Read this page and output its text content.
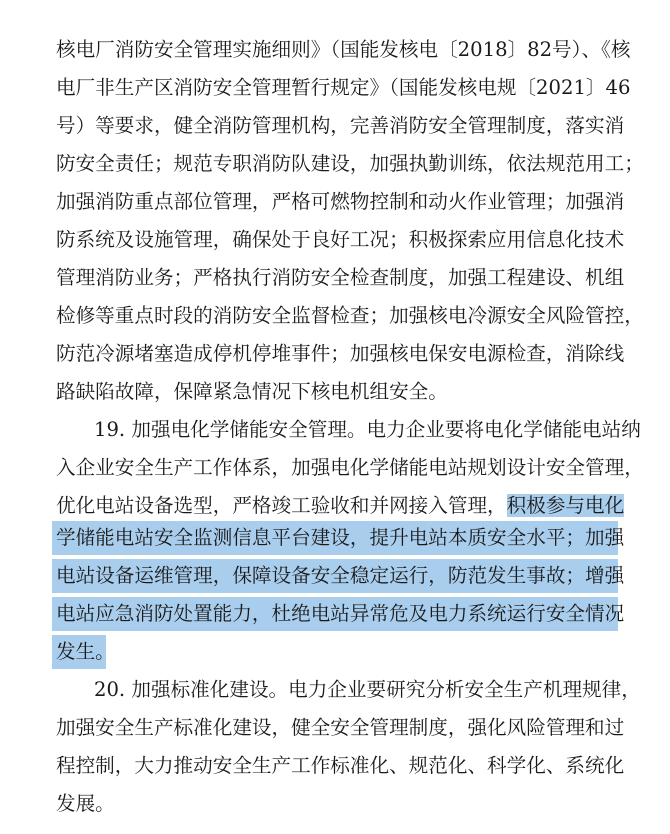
核电厂消防安全管理实施细则》（国能发核电〔2018〕82号）、《核
电厂非生产区消防安全管理暂行规定》（国能发核电规〔2021〕46
号）等要求，健全消防管理机构，完善消防安全管理制度，落实消
防安全责任；规范专职消防队建设，加强执勤训练，依法规范用工；
加强消防重点部位管理，严格可燃物控制和动火作业管理；加强消
防系统及设施管理，确保处于良好工况；积极探索应用信息化技术
管理消防业务；严格执行消防安全检查制度，加强工程建设、机组
检修等重点时段的消防安全监督检查；加强核电冷源安全风险管控，
防范冷源堵塞造成停机停堆事件；加强核电保安电源检查，消除线
路缺陷故障，保障紧急情况下核电机组安全。
19. 加强电化学储能安全管理。电力企业要将电化学储能电站纳
入企业安全生产工作体系，加强电化学储能电站规划设计安全管理，
优化电站设备选型，严格竣工验收和并网接入管理，积极参与电化
学储能电站安全监测信息平台建设，提升电站本质安全水平；加强
电站设备运维管理，保障设备安全稳定运行，防范发生事故；增强
电站应急消防处置能力，杜绝电站异常危及电力系统运行安全情况
发生。
20. 加强标准化建设。电力企业要研究分析安全生产机理规律，
加强安全生产标准化建设，健全安全管理制度，强化风险管理和过
程控制，大力推动安全生产工作标准化、规范化、科学化、系统化
发展。
